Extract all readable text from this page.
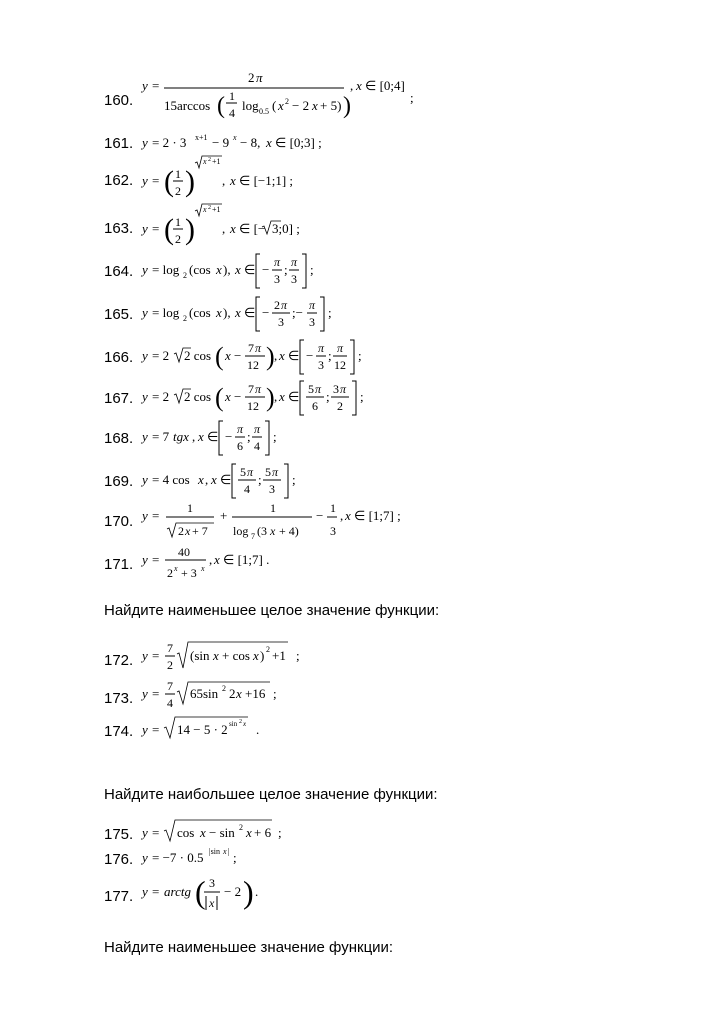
160.
y =
2 π
15arccos ( 1
4 log 0.5 ( x 2 − 2 x + 5) )
, x ∈ [0;4]
;
161. y = 2 · 3 x+1 − 9 x − 8, x ∈ [0;3] ;
162. y = ( 1
2 )
x 2 +1
, x ∈ [−1;1] ;
163. y = ( 1
2 )
x 2 +1
, x ∈ [− 3;0] ;
164. y = log 2 (cos x ), x ∈ − π
3
; π
3
;
165. y = log 2 (cos x ), x ∈ − 2 π
3
;− π
3
;
166. y = 2 2 cos ( x − 7 π
12 ) , x ∈ − π
3
; π
12
;
167. y = 2 2 cos ( x − 7 π
12 ) , x ∈ 5 π
6
; 3 π
2
;
168. y = 7 tgx , x ∈ − π
6
; π
4
;
169. y = 4 cos x , x ∈ 5 π
4
; 5 π
3
;
170. y = 1
2 x + 7
+	1
log 7 (3 x + 4)
− 1
3
, x ∈ [1;7] ;
171. y = 40
2 x + 3 x
, x ∈ [1;7] .
Найдите наименьшее целое значение функции:
172. y = 7
2
(sin x + cos x ) 2 +1 ;
173. y = 7
4
65sin 2 2 x +16 ;
174. y = 14 − 5 · 2 sin 2 x .
Найдите наибольшее целое значение функции:
175. y = cos x − sin 2 x + 6 ;
176. y = −7 · 0.5 |sin x | ;
177. y = arctg ( 3
x
− 2 ) .
Найдите наименьшее значение функции:
